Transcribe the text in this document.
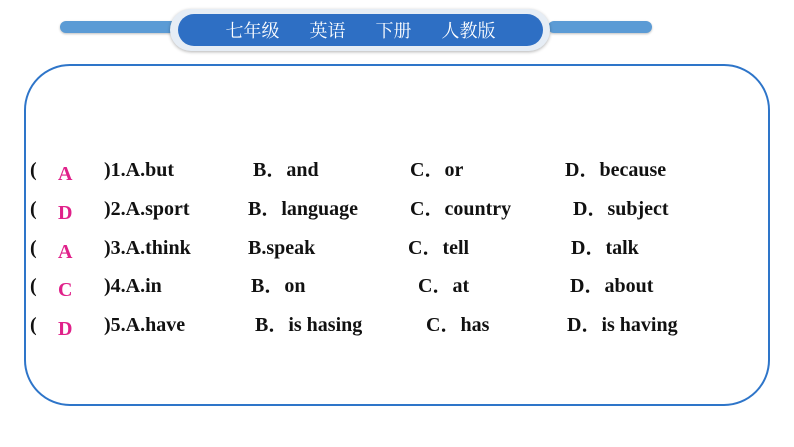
七年级 英语 下册 人教版
( A )1.A.but	B．and	C．or	D．because
( D )2.A.sport	B．language	C．country	D．subject
( A )3.A.think	B.speak	C．tell	D．talk
( C )4.A.in	B．on	C．at	D．about
( D )5.A.have	B．is hasing	C．has	D．is having
